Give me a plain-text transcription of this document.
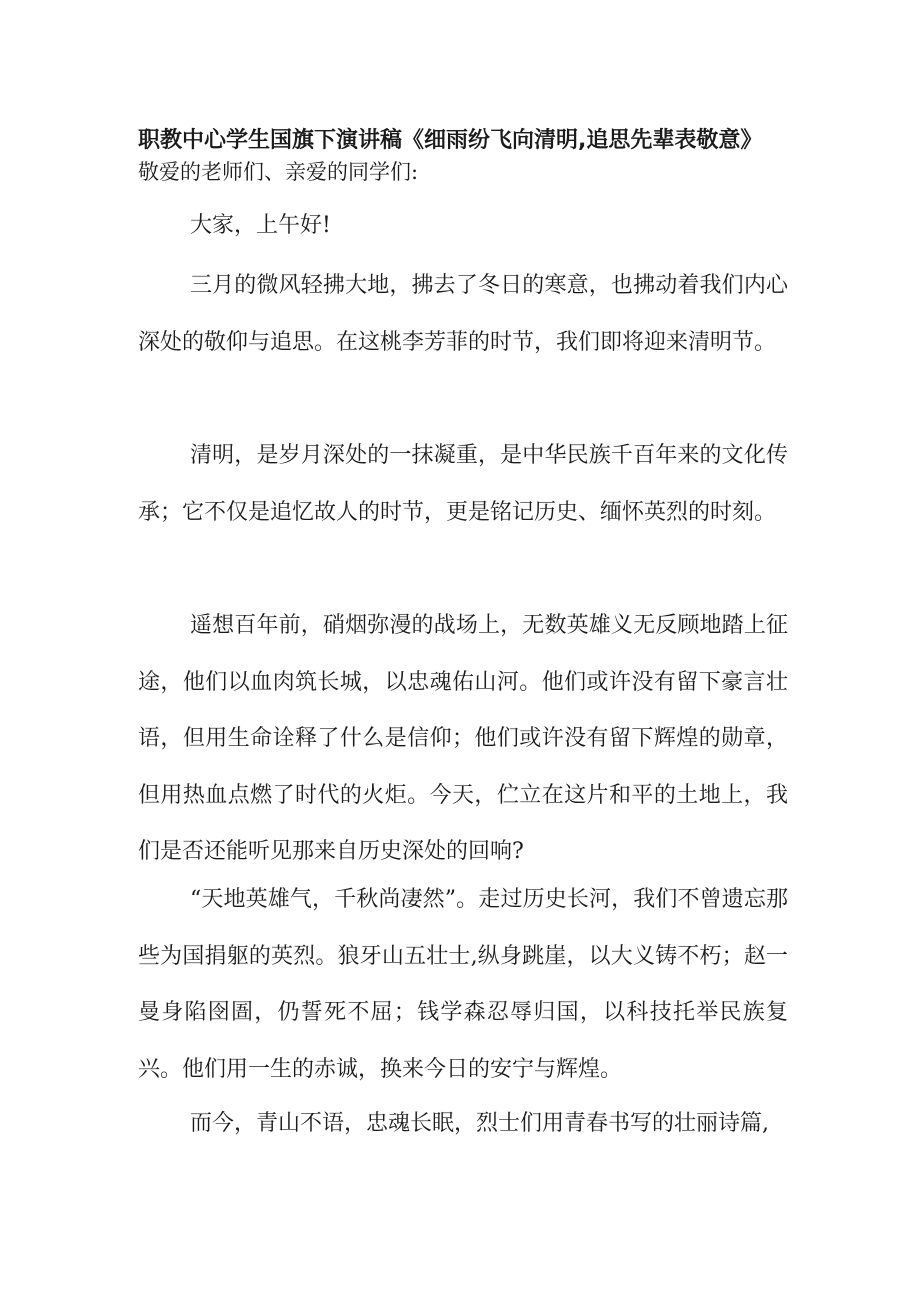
职教中心学生国旗下演讲稿《细雨纷飞向清明,追思先辈表敬意》
敬爱的老师们、亲爱的同学们:

大家，上午好!

三月的微风轻拂大地，拂去了冬日的寒意，也拂动着我们内心深处的敬仰与追思。在这桃李芳菲的时节，我们即将迎来清明节。

清明，是岁月深处的一抹凝重，是中华民族千百年来的文化传承；它不仅是追忆故人的时节，更是铭记历史、缅怀英烈的时刻。

遥想百年前，硝烟弥漫的战场上，无数英雄义无反顾地踏上征途，他们以血肉筑长城，以忠魂佑山河。他们或许没有留下豪言壮语，但用生命诠释了什么是信仰；他们或许没有留下辉煌的勋章，但用热血点燃了时代的火炬。今天，伫立在这片和平的土地上，我们是否还能听见那来自历史深处的回响?

“天地英雄气，千秋尚凄然”。走过历史长河，我们不曾遗忘那些为国捐躯的英烈。狼牙山五壮士,纵身跳崖，以大义铸不朽；赵一曼身陷囹圄，仍誓死不屈；钱学森忍辱归国，以科技托举民族复兴。他们用一生的赤诚，换来今日的安宁与辉煌。

而今，青山不语，忠魂长眠，烈士们用青春书写的壮丽诗篇,
